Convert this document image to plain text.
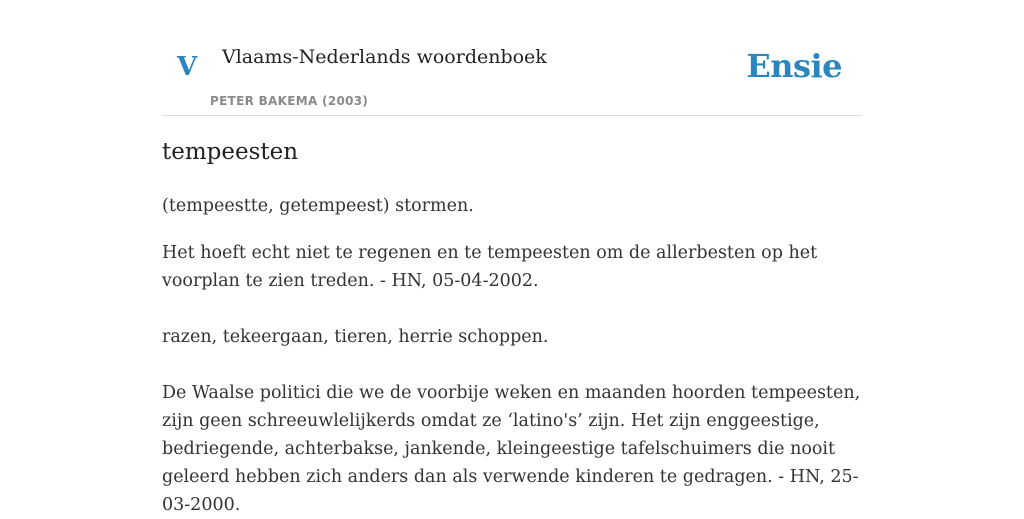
V Vlaams-Nederlands woordenboek
PETER BAKEMA (2003)
Ensie
tempeesten

(tempeestte, getempeest) stormen.

Het hoeft echt niet te regenen en te tempeesten om de allerbesten op het voorplan te zien treden. - HN, 05-04-2002.

razen, tekeergaan, tieren, herrie schoppen.

De Waalse politici die we de voorbije weken en maanden hoorden tempeesten, zijn geen schreeuwlelijkerds omdat ze ‘latino's’ zijn. Het zijn enggeestige, bedriegende, achterbakse, jankende, kleingeestige tafelschuimers die nooit geleerd hebben zich anders dan als verwende kinderen te gedragen. - HN, 25-03-2000.
